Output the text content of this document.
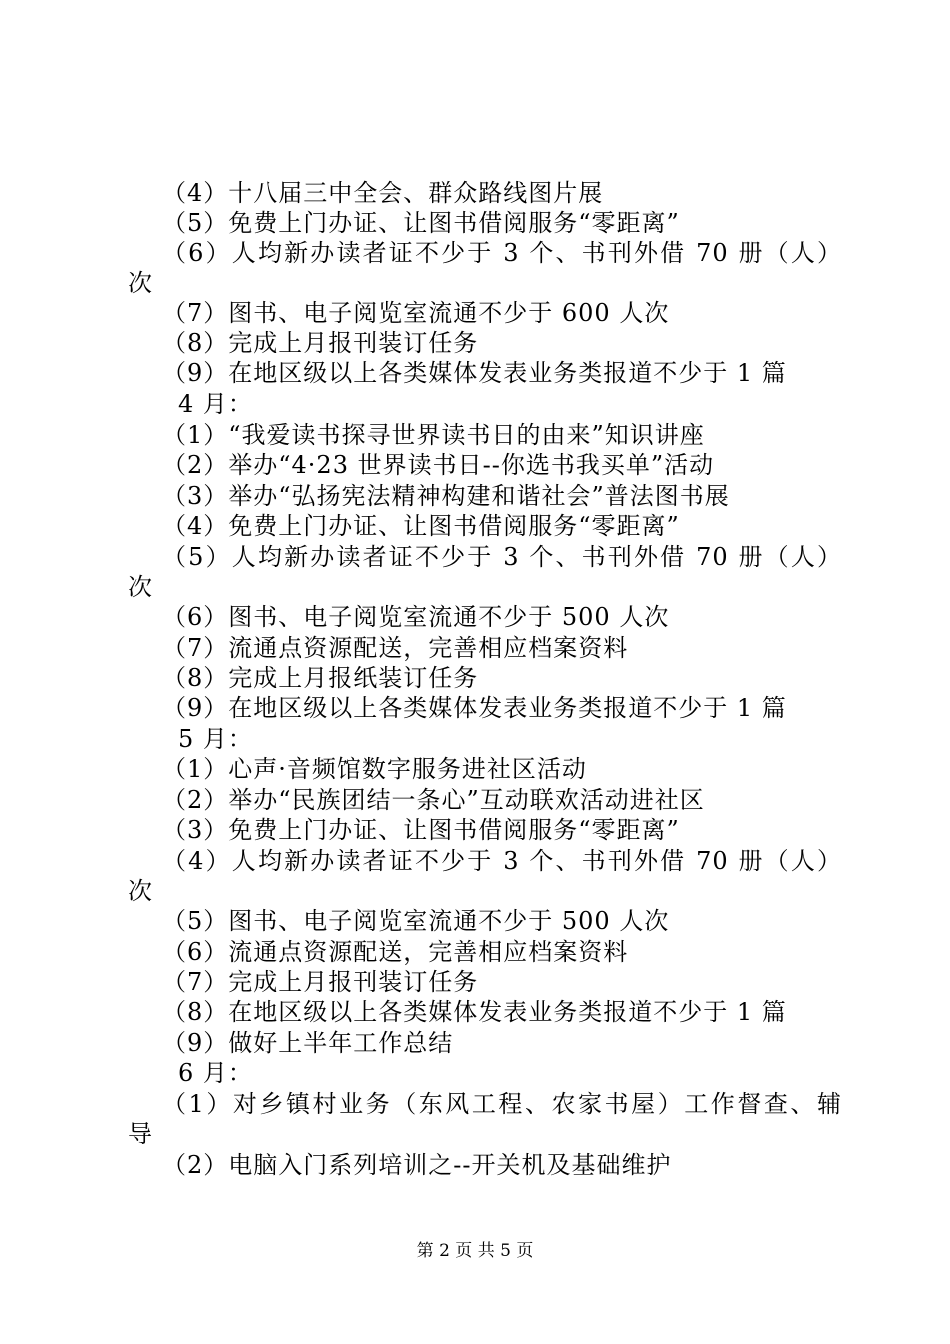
（4）十八届三中全会、群众路线图片展
（5）免费上门办证、让图书借阅服务“零距离”
（6）人均新办读者证不少于 3 个、书刊外借 70 册（人）
次
（7）图书、电子阅览室流通不少于 600 人次
（8）完成上月报刊装订任务
（9）在地区级以上各类媒体发表业务类报道不少于 1 篇
4 月：
（1）“我爱读书探寻世界读书日的由来”知识讲座
（2）举办“4·23 世界读书日--你选书我买单”活动
（3）举办“弘扬宪法精神构建和谐社会”普法图书展
（4）免费上门办证、让图书借阅服务“零距离”
（5）人均新办读者证不少于 3 个、书刊外借 70 册（人）
次
（6）图书、电子阅览室流通不少于 500 人次
（7）流通点资源配送，完善相应档案资料
（8）完成上月报纸装订任务
（9）在地区级以上各类媒体发表业务类报道不少于 1 篇
5 月：
（1）心声·音频馆数字服务进社区活动
（2）举办“民族团结一条心”互动联欢活动进社区
（3）免费上门办证、让图书借阅服务“零距离”
（4）人均新办读者证不少于 3 个、书刊外借 70 册（人）
次
（5）图书、电子阅览室流通不少于 500 人次
（6）流通点资源配送，完善相应档案资料
（7）完成上月报刊装订任务
（8）在地区级以上各类媒体发表业务类报道不少于 1 篇
（9）做好上半年工作总结
6 月：
（1）对乡镇村业务（东风工程、农家书屋）工作督查、辅
导
（2）电脑入门系列培训之--开关机及基础维护
第 2 页 共 5 页
